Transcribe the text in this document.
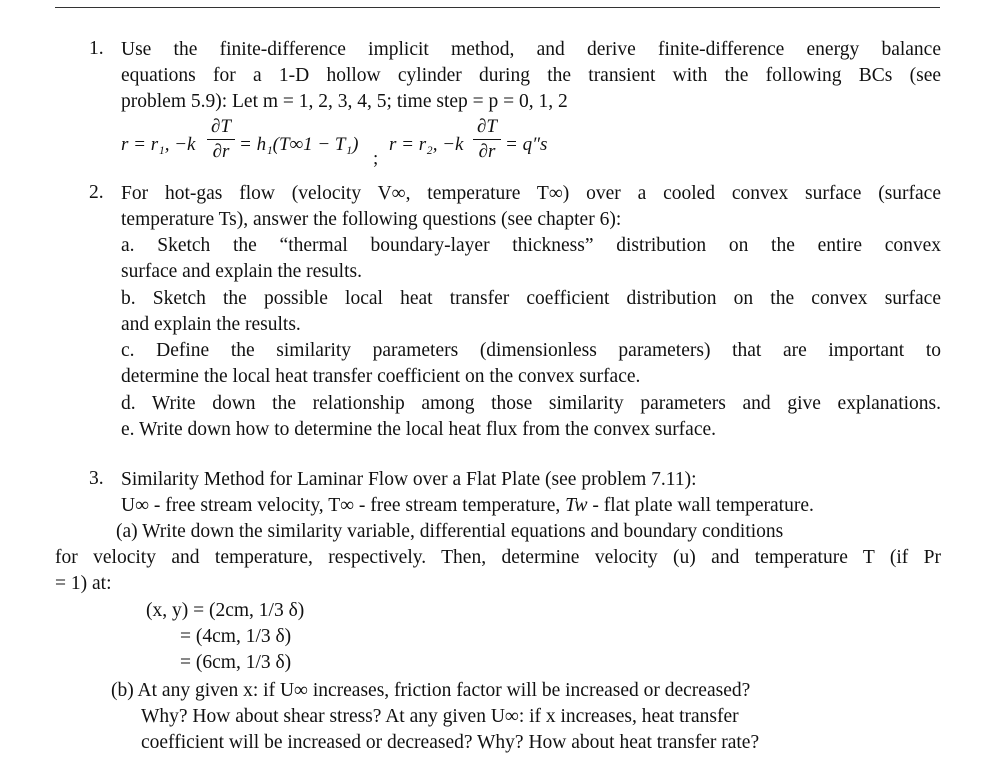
1. Use the finite-difference implicit method, and derive finite-difference energy balance
equations for a 1-D hollow cylinder during the transient with the following BCs (see
problem 5.9): Let m = 1, 2, 3, 4, 5; time step = p = 0, 1, 2
r = r₁, −k
∂T
∂r = h₁(T∞1 − T₁)
;
r = r₂, −k
∂T
∂r = q″s
2. For hot-gas flow (velocity V∞, temperature T∞) over a cooled convex surface (surface
temperature Ts), answer the following questions (see chapter 6):
a. Sketch the “thermal boundary-layer thickness” distribution on the entire convex
surface and explain the results.
b. Sketch the possible local heat transfer coefficient distribution on the convex surface
and explain the results.
c. Define the similarity parameters (dimensionless parameters) that are important to
determine the local heat transfer coefficient on the convex surface.
d. Write down the relationship among those similarity parameters and give explanations.
e. Write down how to determine the local heat flux from the convex surface.
3. Similarity Method for Laminar Flow over a Flat Plate (see problem 7.11):
U∞ - free stream velocity, T∞ - free stream temperature, Tw - flat plate wall temperature.
(a) Write down the similarity variable, differential equations and boundary conditions
for velocity and temperature, respectively. Then, determine velocity (u) and temperature T (if Pr
= 1) at:
(x, y) = (2cm, 1/3 δ)
= (4cm, 1/3 δ)
= (6cm, 1/3 δ)
(b) At any given x: if U∞ increases, friction factor will be increased or decreased?
Why? How about shear stress? At any given U∞: if x increases, heat transfer
coefficient will be increased or decreased? Why? How about heat transfer rate?
